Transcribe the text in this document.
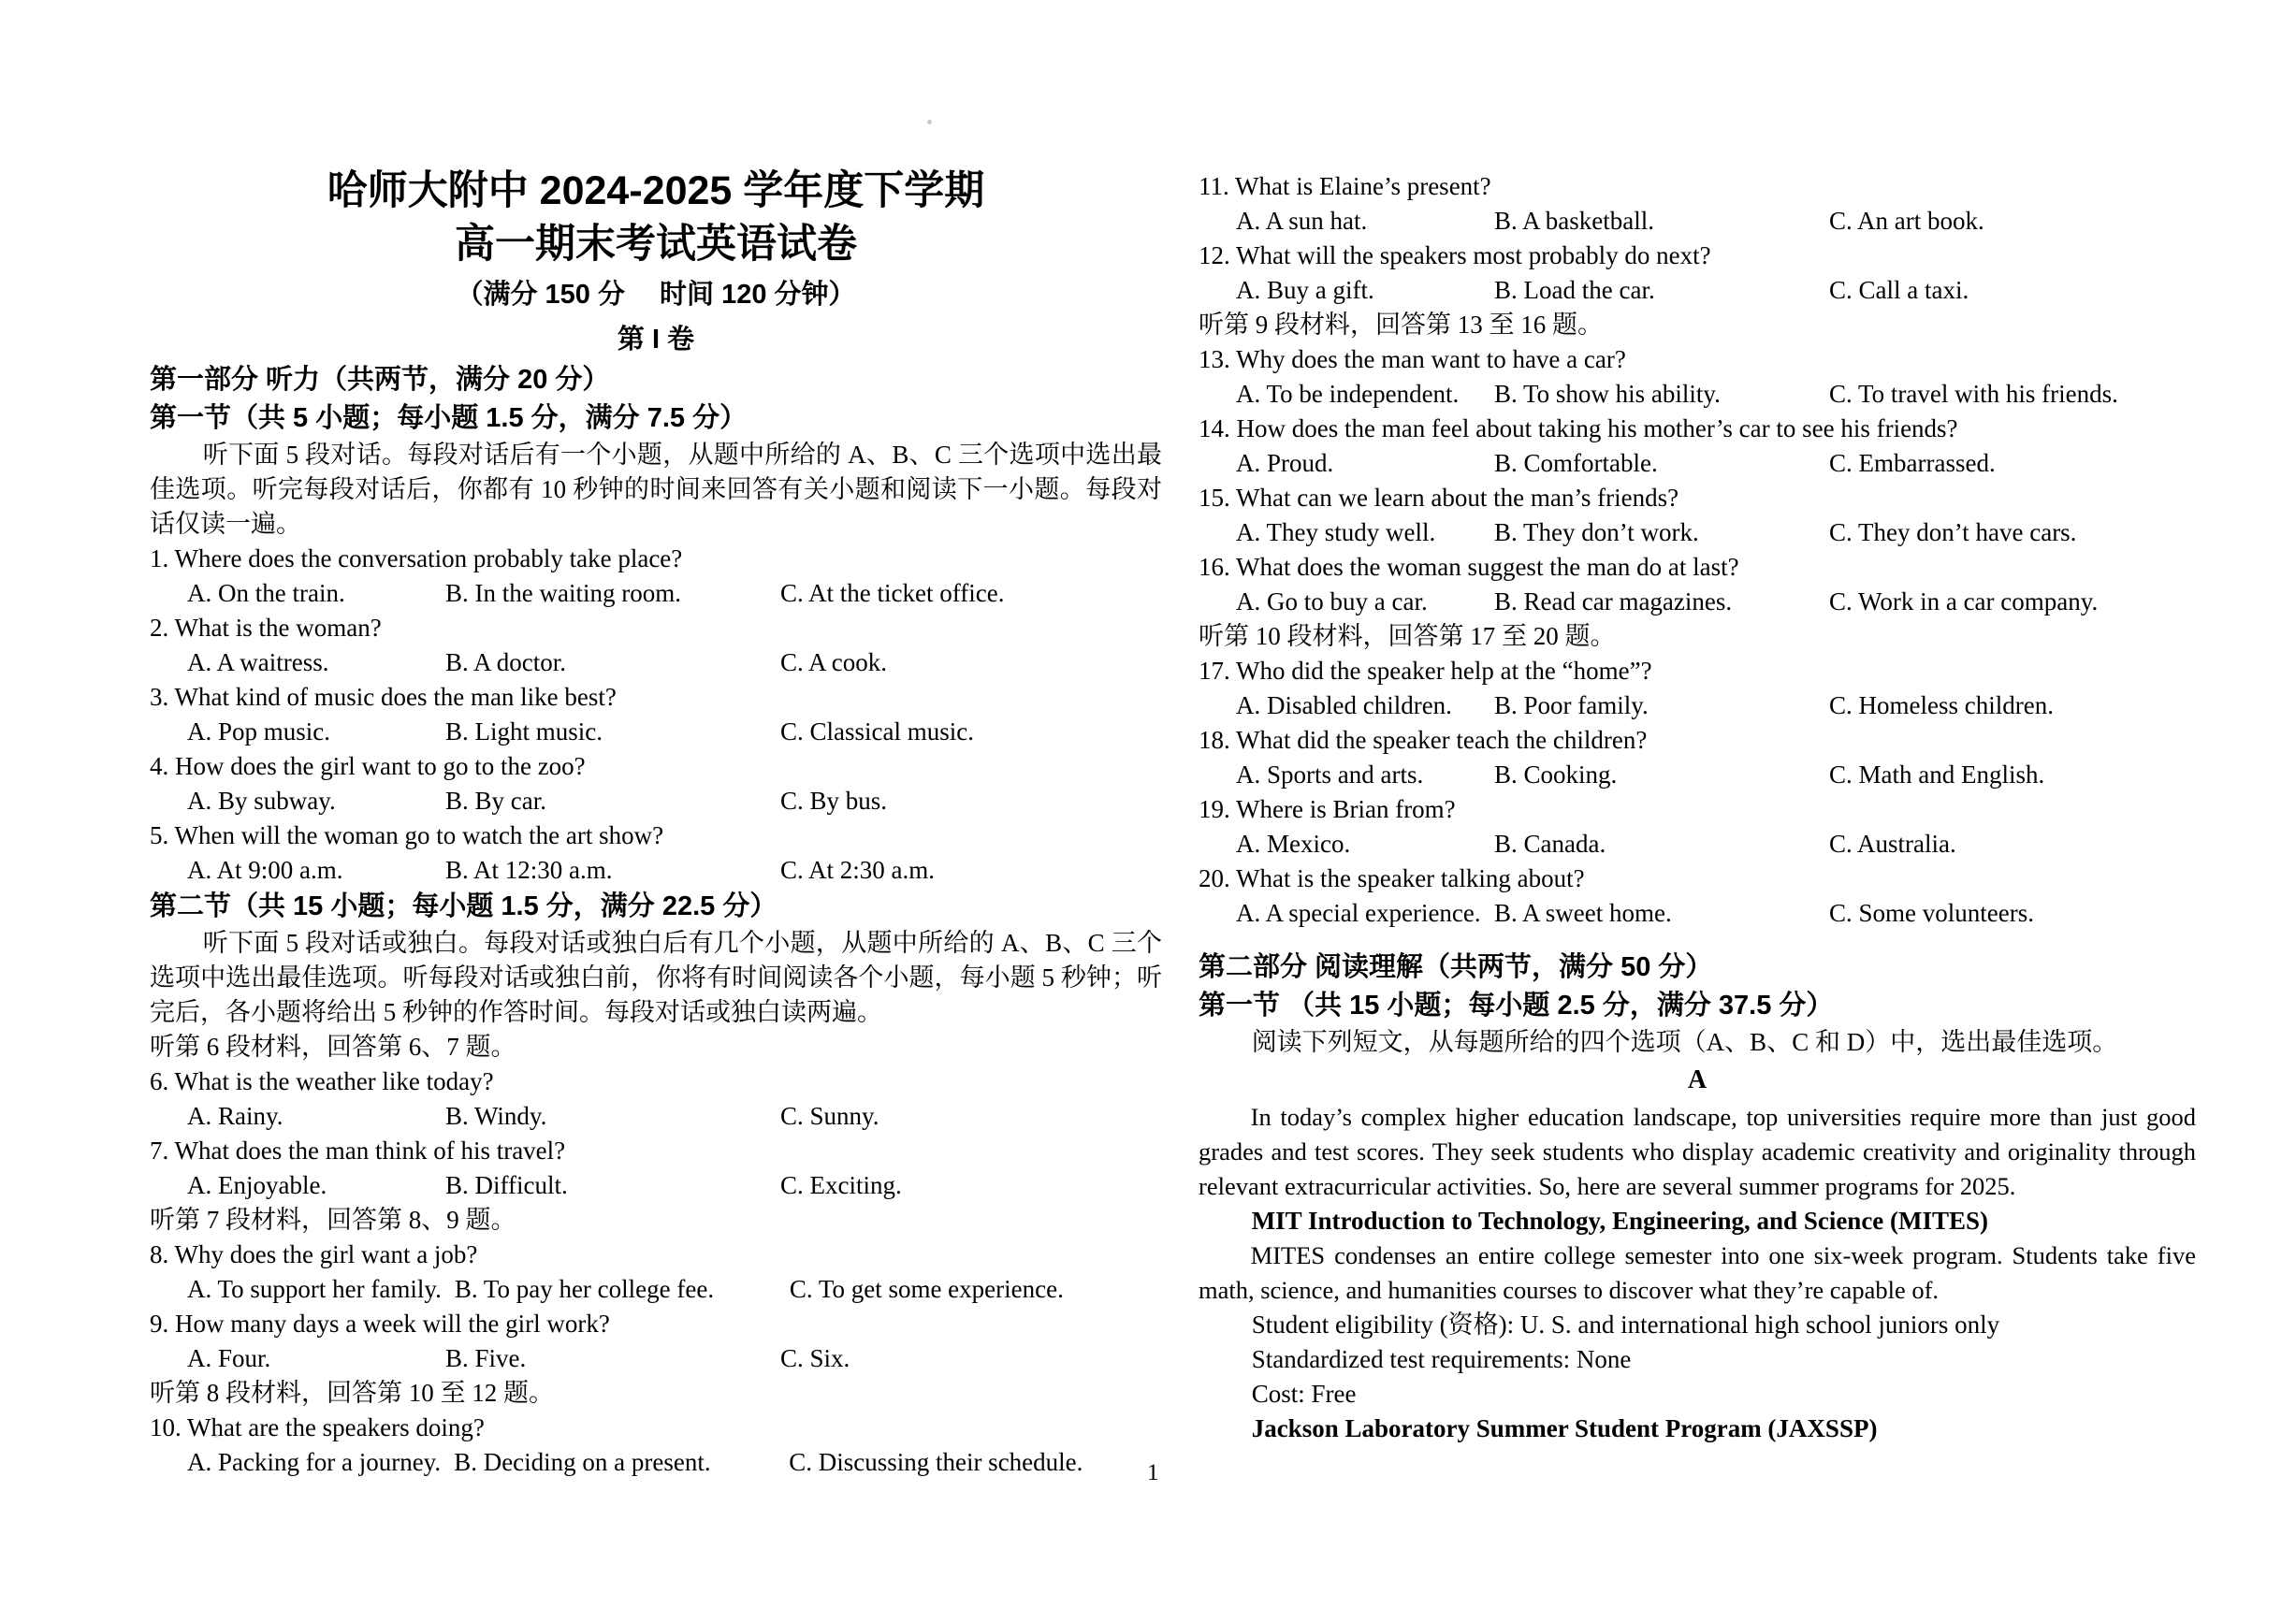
哈师大附中 2024-2025 学年度下学期
高一期末考试英语试卷
（满分 150 分　 时间 120 分钟）
第 I 卷
第一部分 听力（共两节，满分 20 分）
第一节（共 5 小题；每小题 1.5 分，满分 7.5 分）
听下面 5 段对话。每段对话后有一个小题，从题中所给的 A、B、C 三个选项中选出最佳选项。听完每段对话后，你都有 10 秒钟的时间来回答有关小题和阅读下一小题。每段对话仅读一遍。
1. Where does the conversation probably take place?
A. On the train.	B. In the waiting room.	C. At the ticket office.
2. What is the woman?
A. A waitress.	B. A doctor.	C. A cook.
3. What kind of music does the man like best?
A. Pop music.	B. Light music.	C. Classical music.
4. How does the girl want to go to the zoo?
A. By subway.	B. By car.	C. By bus.
5. When will the woman go to watch the art show?
A. At 9:00 a.m.	B. At 12:30 a.m.	C. At 2:30 a.m.
第二节（共 15 小题；每小题 1.5 分，满分 22.5 分）
听下面 5 段对话或独白。每段对话或独白后有几个小题，从题中所给的 A、B、C 三个选项中选出最佳选项。听每段对话或独白前，你将有时间阅读各个小题，每小题 5 秒钟；听完后，各小题将给出 5 秒钟的作答时间。每段对话或独白读两遍。
听第 6 段材料，回答第 6、7 题。
6. What is the weather like today?
A. Rainy.	B. Windy.	C. Sunny.
7. What does the man think of his travel?
A. Enjoyable.	B. Difficult.	C. Exciting.
听第 7 段材料，回答第 8、9 题。
8. Why does the girl want a job?
A. To support her family. B. To pay her college fee.	C. To get some experience.
9. How many days a week will the girl work?
A. Four.	B. Five.	C. Six.
听第 8 段材料，回答第 10 至 12 题。
10. What are the speakers doing?
A. Packing for a journey. B. Deciding on a present.	C. Discussing their schedule.
11. What is Elaine’s present?
A. A sun hat.	B. A basketball.	C. An art book.
12. What will the speakers most probably do next?
A. Buy a gift.	B. Load the car.	C. Call a taxi.
听第 9 段材料，回答第 13 至 16 题。
13. Why does the man want to have a car?
A. To be independent.	B. To show his ability.	C. To travel with his friends.
14. How does the man feel about taking his mother’s car to see his friends?
A. Proud.	B. Comfortable.	C. Embarrassed.
15. What can we learn about the man’s friends?
A. They study well.	B. They don’t work.	C. They don’t have cars.
16. What does the woman suggest the man do at last?
A. Go to buy a car.	B. Read car magazines.	C. Work in a car company.
听第 10 段材料，回答第 17 至 20 题。
17. Who did the speaker help at the “home”?
A. Disabled children.	B. Poor family.	C. Homeless children.
18. What did the speaker teach the children?
A. Sports and arts.	B. Cooking.	C. Math and English.
19. Where is Brian from?
A. Mexico.	B. Canada.	C. Australia.
20. What is the speaker talking about?
A. A special experience. B. A sweet home.	C. Some volunteers.
第二部分 阅读理解（共两节，满分 50 分）
第一节 （共 15 小题；每小题 2.5 分，满分 37.5 分）
阅读下列短文，从每题所给的四个选项（A、B、C 和 D）中，选出最佳选项。
A
In today’s complex higher education landscape, top universities require more than just good grades and test scores. They seek students who display academic creativity and originality through relevant extracurricular activities. So, here are several summer programs for 2025.
MIT Introduction to Technology, Engineering, and Science (MITES)
MITES condenses an entire college semester into one six-week program. Students take five math, science, and humanities courses to discover what they’re capable of.
Student eligibility (资格): U. S. and international high school juniors only
Standardized test requirements: None
Cost: Free
Jackson Laboratory Summer Student Program (JAXSSP)
1
